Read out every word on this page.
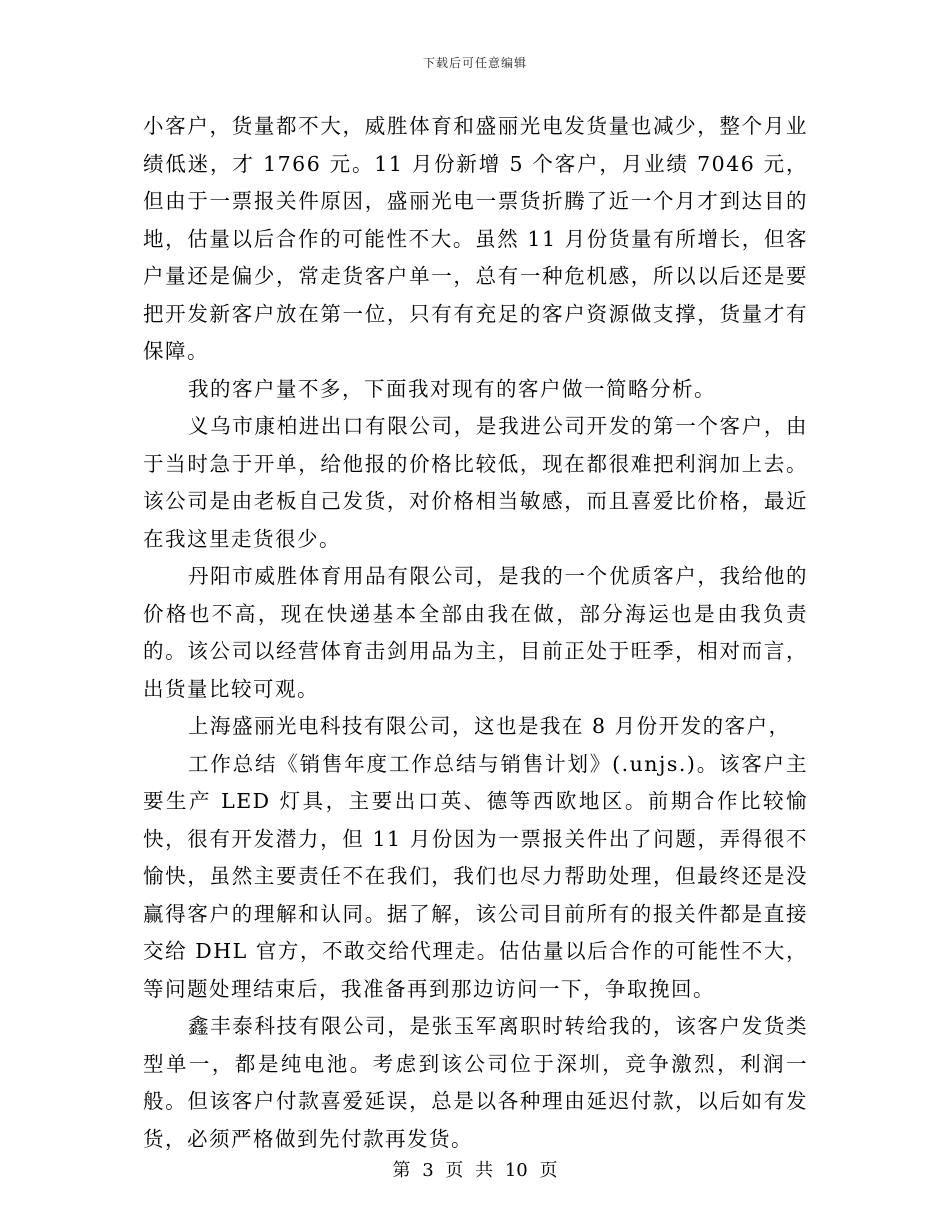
下载后可任意编辑

小客户，货量都不大，威胜体育和盛丽光电发货量也减少，整个月业绩低迷，才 1766 元。11 月份新增 5 个客户，月业绩 7046 元，但由于一票报关件原因，盛丽光电一票货折腾了近一个月才到达目的地，估量以后合作的可能性不大。虽然 11 月份货量有所增长，但客户量还是偏少，常走货客户单一，总有一种危机感，所以以后还是要把开发新客户放在第一位，只有有充足的客户资源做支撑，货量才有保障。

我的客户量不多，下面我对现有的客户做一简略分析。

义乌市康柏进出口有限公司，是我进公司开发的第一个客户，由于当时急于开单，给他报的价格比较低，现在都很难把利润加上去。该公司是由老板自己发货，对价格相当敏感，而且喜爱比价格，最近在我这里走货很少。

丹阳市威胜体育用品有限公司，是我的一个优质客户，我给他的价格也不高，现在快递基本全部由我在做，部分海运也是由我负责的。该公司以经营体育击剑用品为主，目前正处于旺季，相对而言，出货量比较可观。

上海盛丽光电科技有限公司，这也是我在 8 月份开发的客户，

工作总结《销售年度工作总结与销售计划》(.unjs.)。该客户主要生产 LED 灯具，主要出口英、德等西欧地区。前期合作比较愉快，很有开发潜力，但 11 月份因为一票报关件出了问题，弄得很不愉快，虽然主要责任不在我们，我们也尽力帮助处理，但最终还是没赢得客户的理解和认同。据了解，该公司目前所有的报关件都是直接交给 DHL 官方，不敢交给代理走。估估量以后合作的可能性不大，等问题处理结束后，我准备再到那边访问一下，争取挽回。

鑫丰泰科技有限公司，是张玉军离职时转给我的，该客户发货类型单一，都是纯电池。考虑到该公司位于深圳，竞争激烈，利润一般。但该客户付款喜爱延误，总是以各种理由延迟付款，以后如有发货，必须严格做到先付款再发货。

第 3 页 共 10 页
